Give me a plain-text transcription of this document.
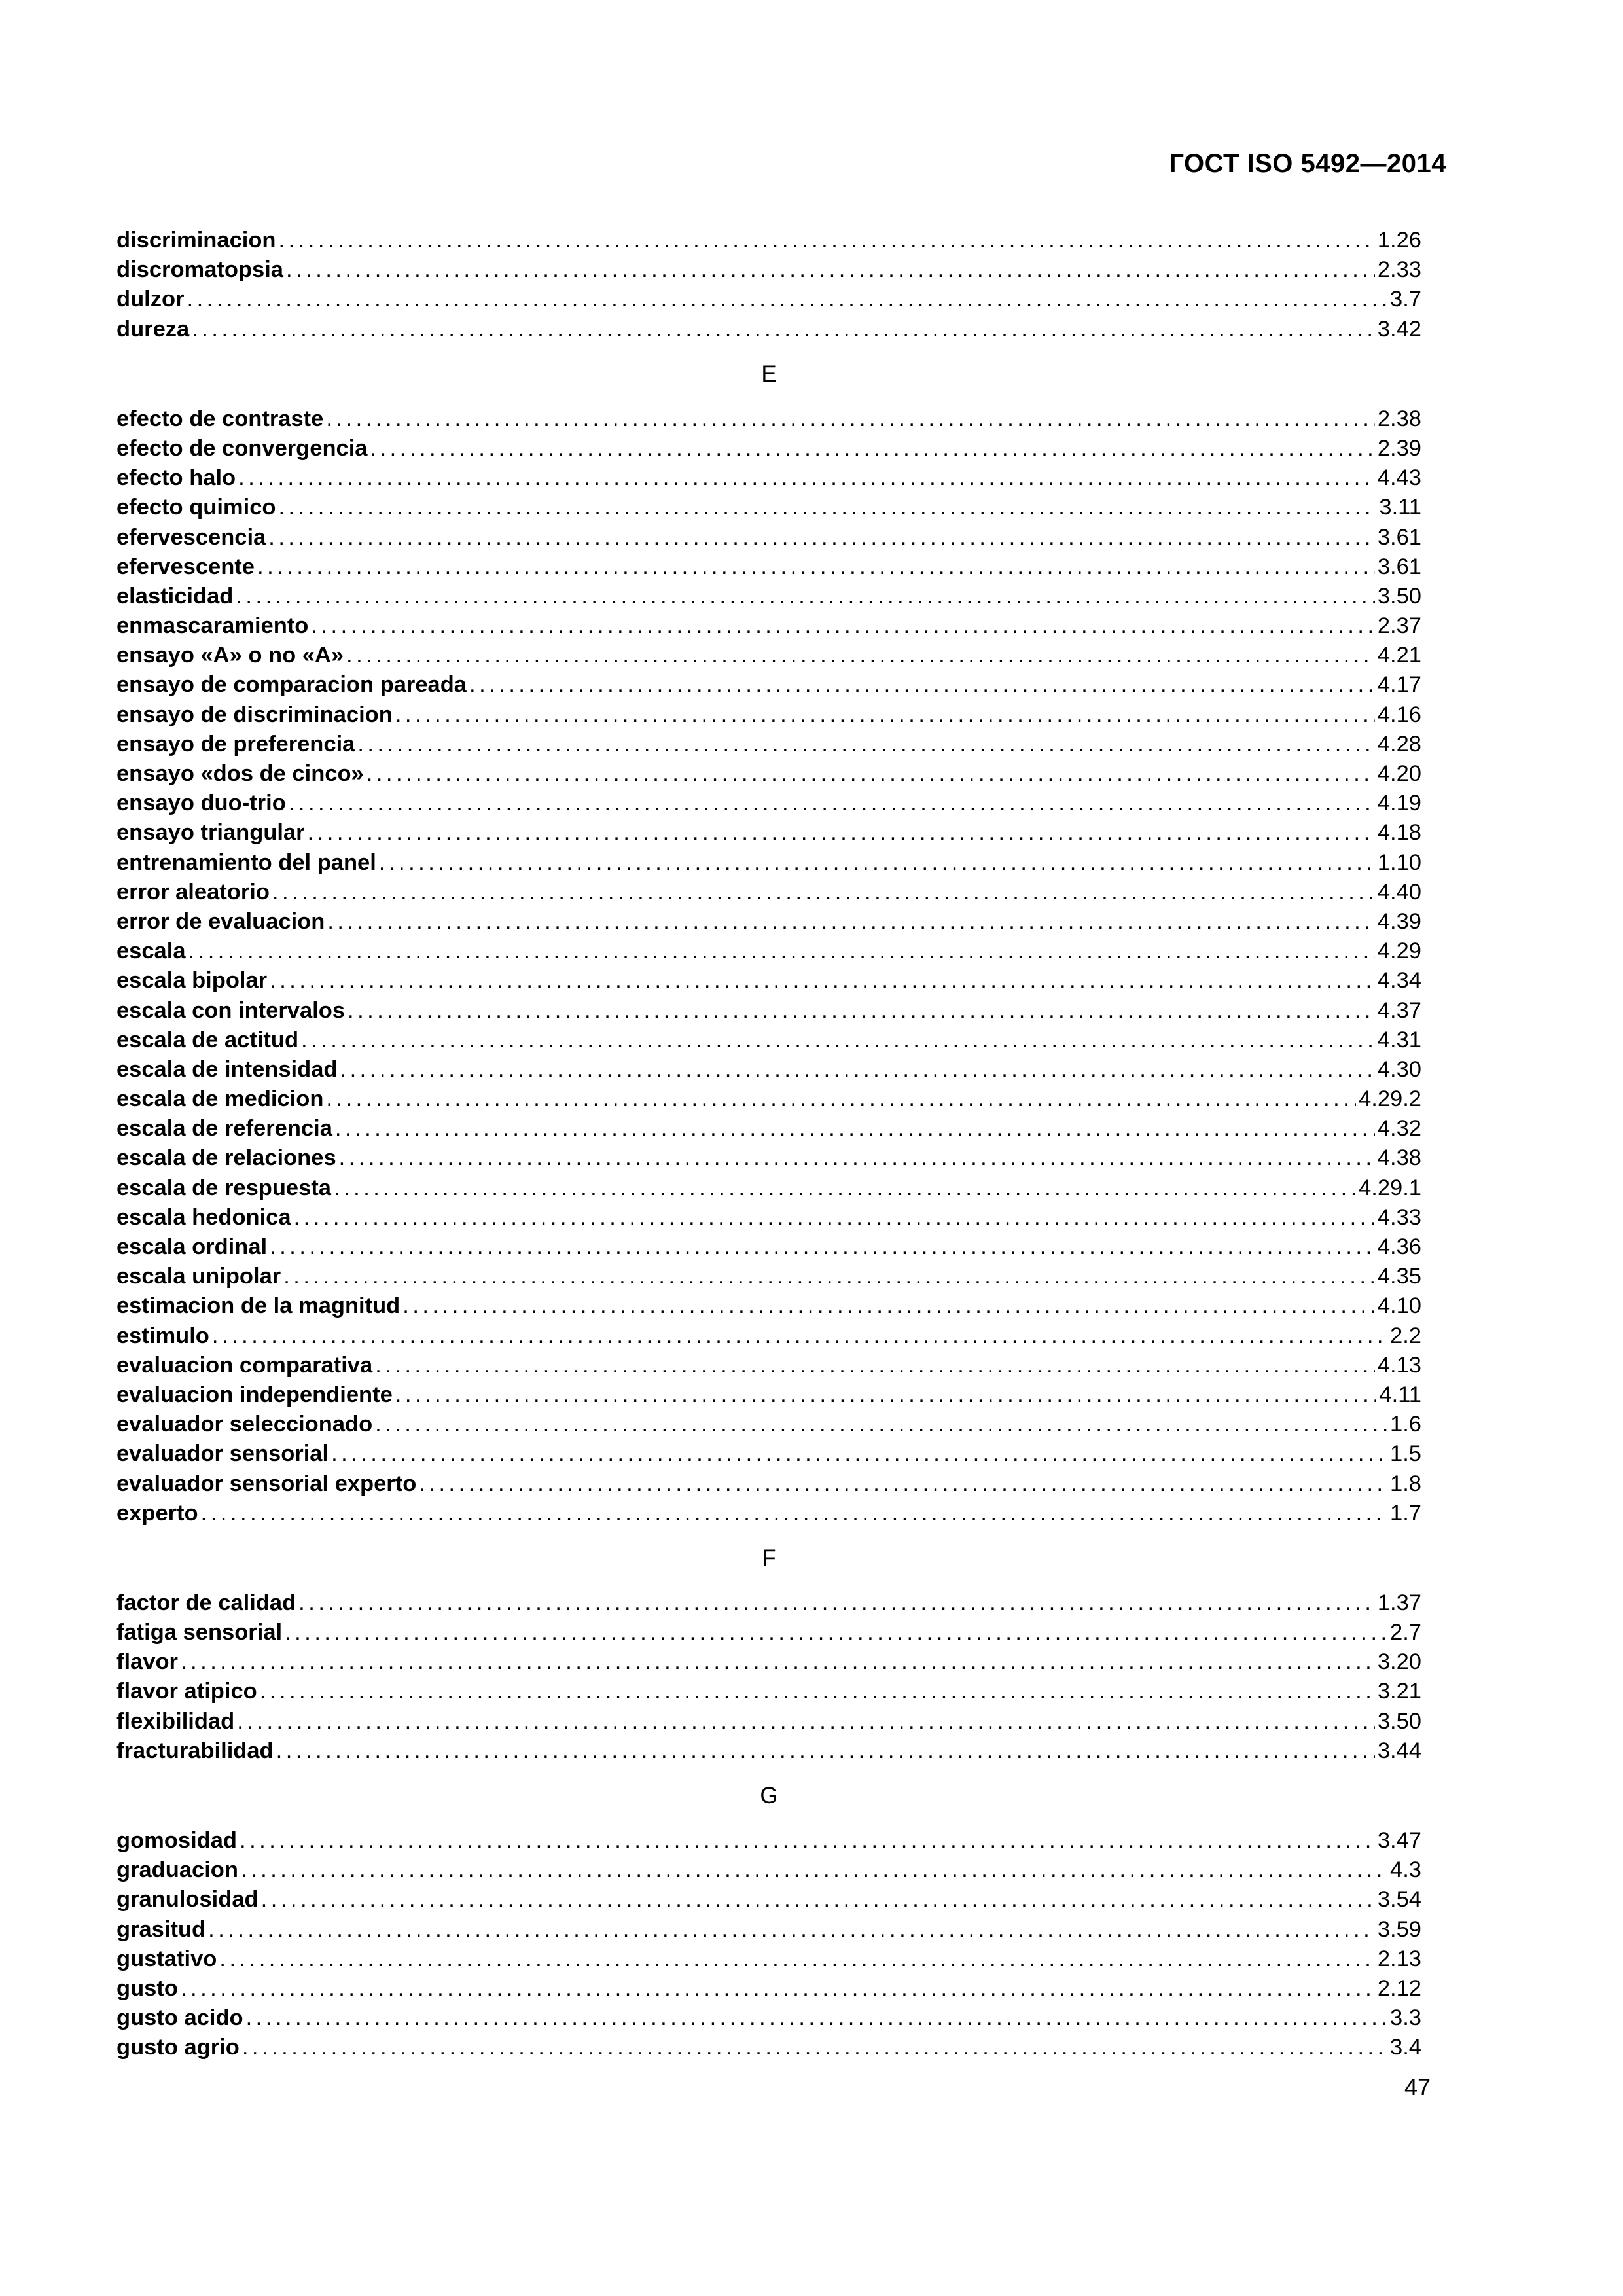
ГОСТ ISO 5492—2014
discriminacion .....	1.26
discromatopsia .....	2.33
dulzor .....	3.7
dureza .....	3.42
E
efecto de contraste .....	2.38
efecto de convergencia .....	2.39
efecto halo .....	4.43
efecto quimico .....	3.11
efervescencia .....	3.61
efervescente .....	3.61
elasticidad .....	3.50
enmascaramiento .....	2.37
ensayo «A» o no «A» .....	4.21
ensayo de comparacion pareada .....	4.17
ensayo de discriminacion .....	4.16
ensayo de preferencia .....	4.28
ensayo «dos de cinco» .....	4.20
ensayo duo-trio .....	4.19
ensayo triangular .....	4.18
entrenamiento del panel .....	1.10
error aleatorio .....	4.40
error de evaluacion .....	4.39
escala .....	4.29
escala bipolar .....	4.34
escala con intervalos .....	4.37
escala de actitud .....	4.31
escala de intensidad .....	4.30
escala de medicion .....	4.29.2
escala de referencia .....	4.32
escala de relaciones .....	4.38
escala de respuesta .....	4.29.1
escala hedonica .....	4.33
escala ordinal .....	4.36
escala unipolar .....	4.35
estimacion de la magnitud .....	4.10
estimulo .....	2.2
evaluacion comparativa .....	4.13
evaluacion independiente .....	4.11
evaluador seleccionado .....	1.6
evaluador sensorial .....	1.5
evaluador sensorial experto .....	1.8
experto .....	1.7
F
factor de calidad .....	1.37
fatiga sensorial .....	2.7
flavor .....	3.20
flavor atipico .....	3.21
flexibilidad .....	3.50
fracturabilidad .....	3.44
G
gomosidad .....	3.47
graduacion .....	4.3
granulosidad .....	3.54
grasitud .....	3.59
gustativo .....	2.13
gusto .....	2.12
gusto acido .....	3.3
gusto agrio .....	3.4
47
